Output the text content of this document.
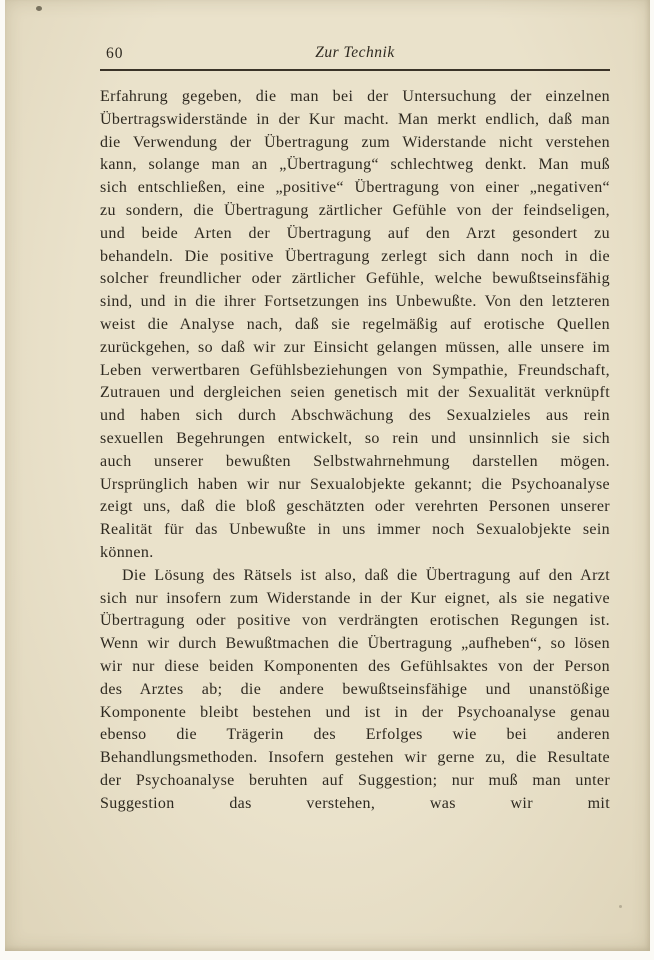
60	Zur Technik

Erfahrung gegeben, die man bei der Untersuchung der einzelnen Übertragswiderstände in der Kur macht. Man merkt endlich, daß man die Verwendung der Übertragung zum Widerstande nicht verstehen kann, solange man an „Übertragung“ schlechtweg denkt. Man muß sich entschließen, eine „positive“ Übertragung von einer „negativen“ zu sondern, die Übertragung zärtlicher Gefühle von der feindseligen, und beide Arten der Übertragung auf den Arzt gesondert zu behandeln. Die positive Übertragung zerlegt sich dann noch in die solcher freundlicher oder zärtlicher Gefühle, welche bewußtseinsfähig sind, und in die ihrer Fortsetzungen ins Unbewußte. Von den letzteren weist die Analyse nach, daß sie regelmäßig auf erotische Quellen zurückgehen, so daß wir zur Einsicht gelangen müssen, alle unsere im Leben verwertbaren Gefühlsbeziehungen von Sympathie, Freundschaft, Zutrauen und dergleichen seien genetisch mit der Sexualität verknüpft und haben sich durch Abschwächung des Sexualzieles aus rein sexuellen Begehrungen entwickelt, so rein und unsinnlich sie sich auch unserer bewußten Selbstwahrnehmung darstellen mögen. Ursprünglich haben wir nur Sexualobjekte gekannt; die Psychoanalyse zeigt uns, daß die bloß geschätzten oder verehrten Personen unserer Realität für das Unbewußte in uns immer noch Sexualobjekte sein können.

Die Lösung des Rätsels ist also, daß die Übertragung auf den Arzt sich nur insofern zum Widerstande in der Kur eignet, als sie negative Übertragung oder positive von verdrängten erotischen Regungen ist. Wenn wir durch Bewußtmachen die Übertragung „aufheben“, so lösen wir nur diese beiden Komponenten des Gefühlsaktes von der Person des Arztes ab; die andere bewußtseinsfähige und unanstößige Komponente bleibt bestehen und ist in der Psychoanalyse genau ebenso die Trägerin des Erfolges wie bei anderen Behandlungsmethoden. Insofern gestehen wir gerne zu, die Resultate der Psychoanalyse beruhten auf Suggestion; nur muß man unter Suggestion das verstehen, was wir mit
